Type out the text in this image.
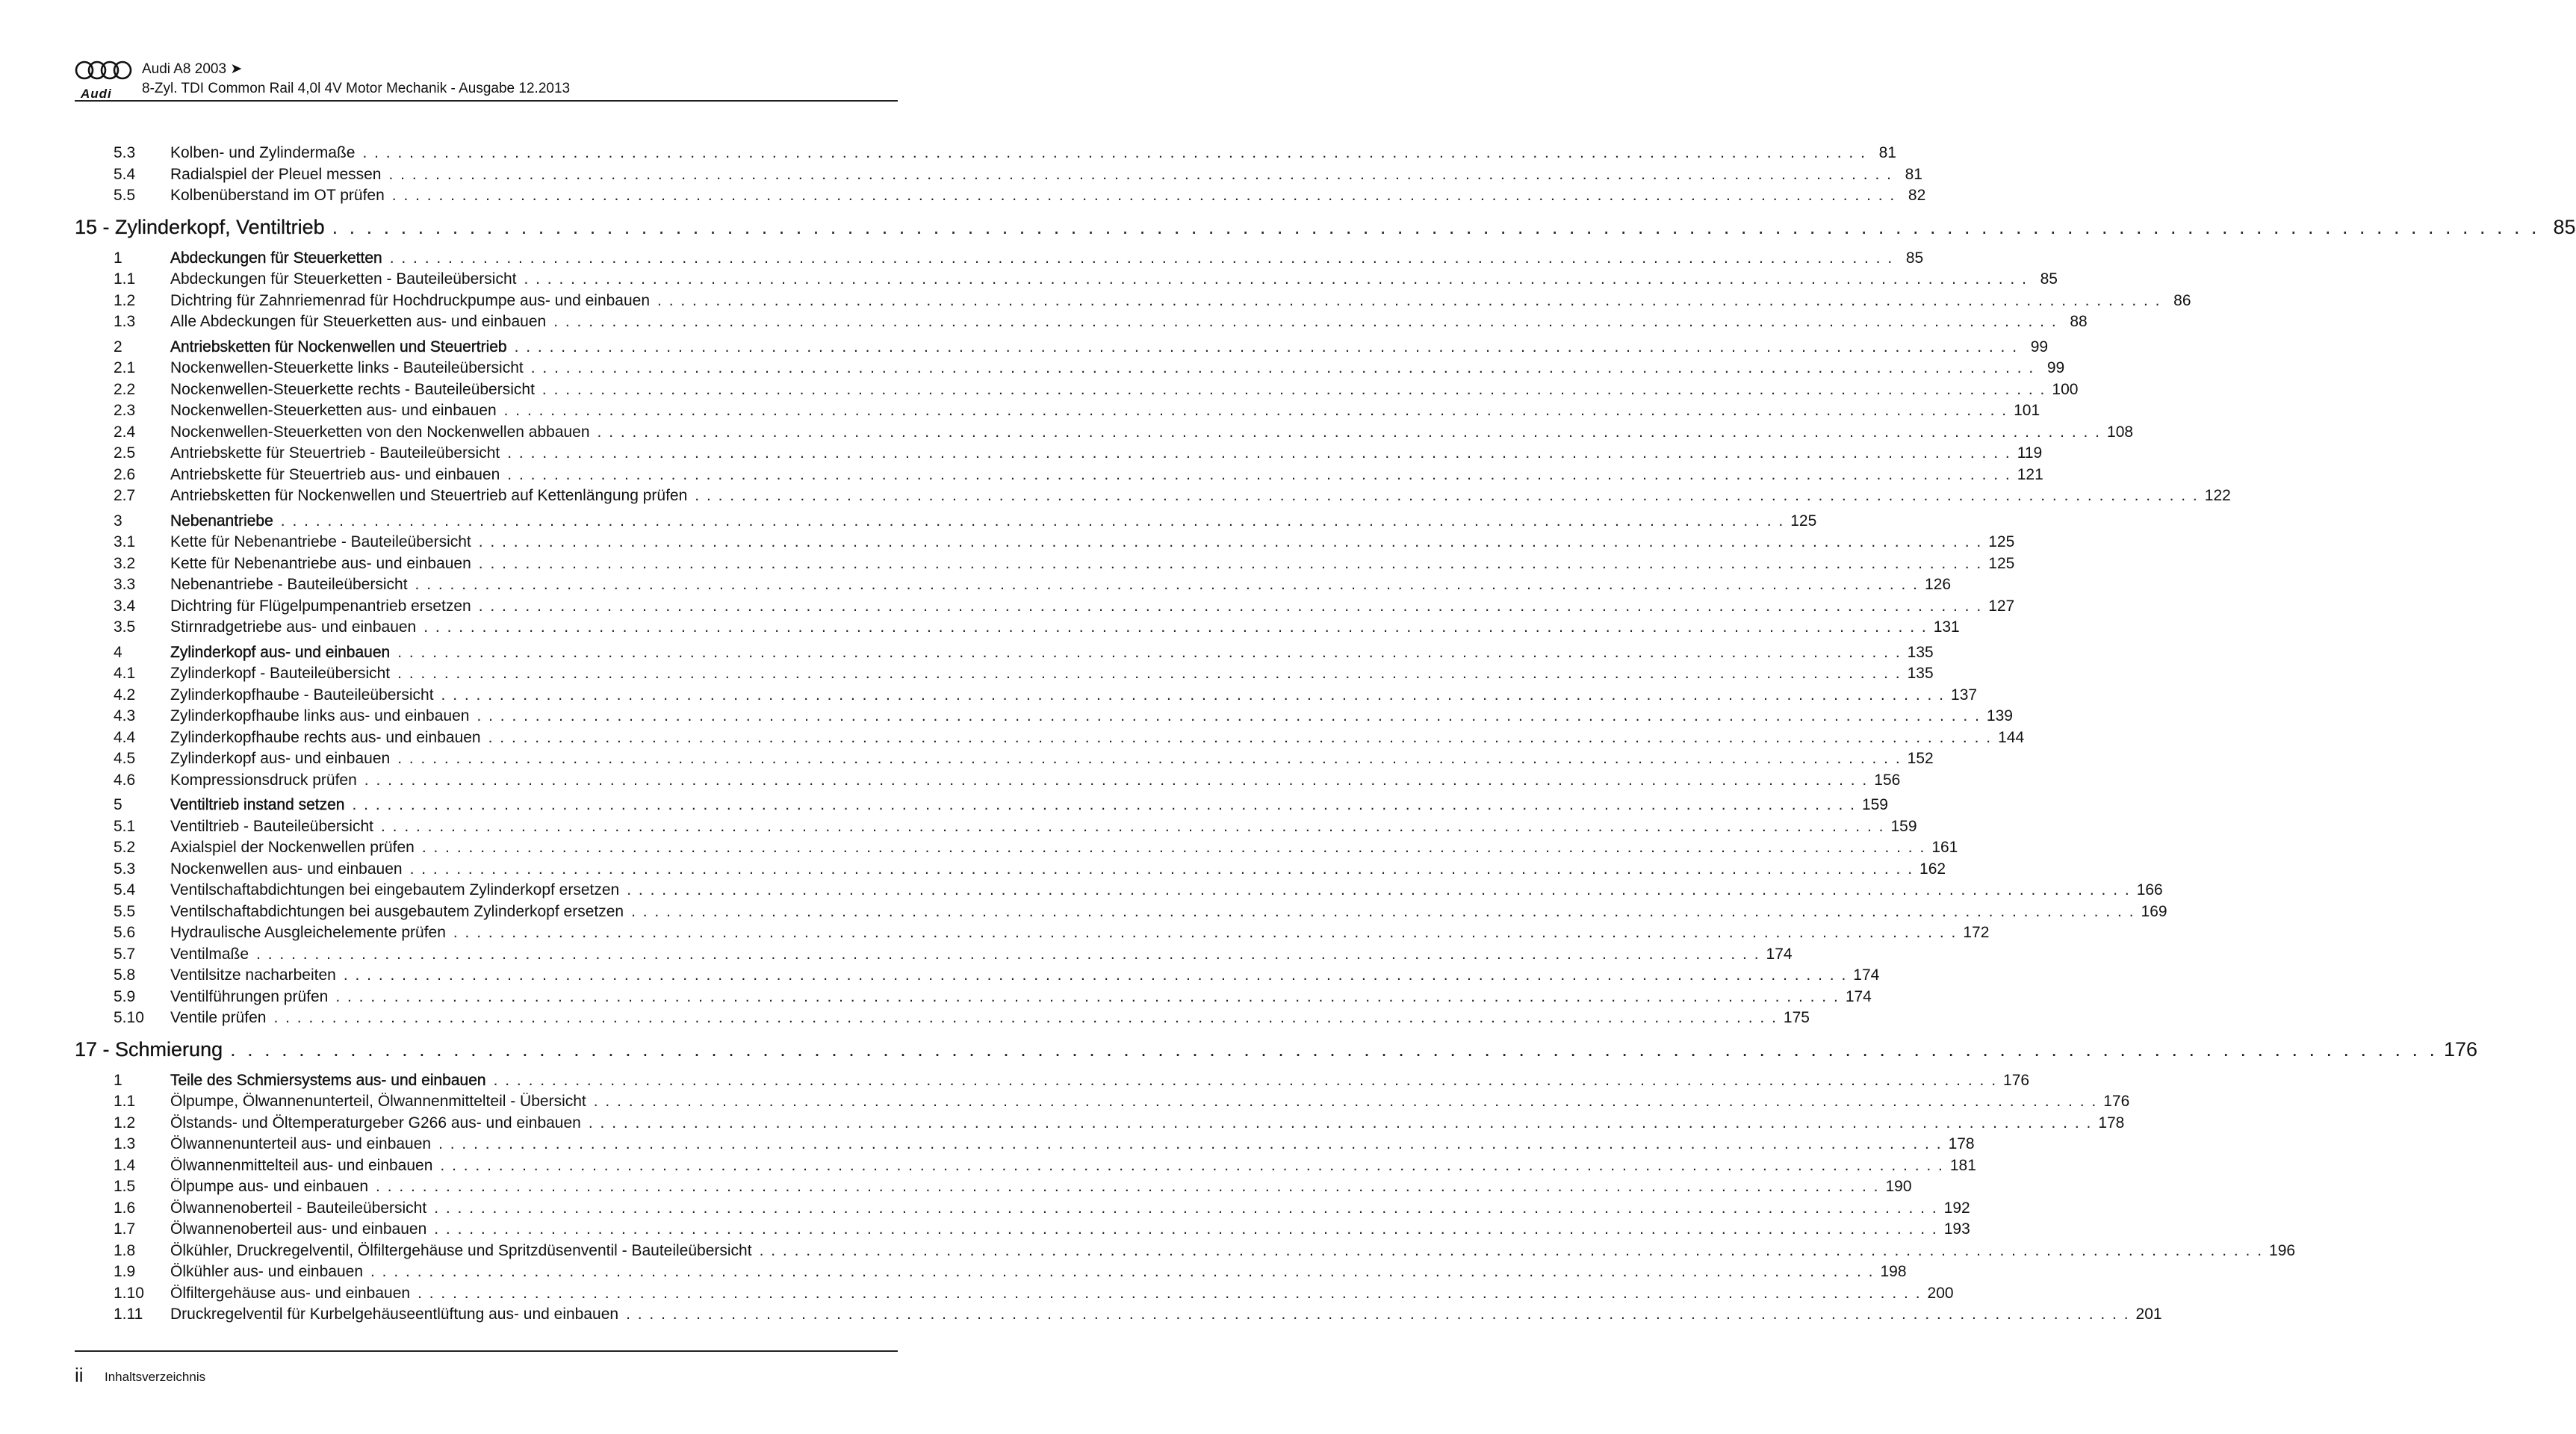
Audi
Audi A8 2003 ➤
8-Zyl. TDI Common Rail 4,0l 4V Motor Mechanik - Ausgabe 12.2013
5.3	Kolben- und Zylindermaße . . .	81
5.4	Radialspiel der Pleuel messen . . .	81
5.5	Kolbenüberstand im OT prüfen . . .	82
15 - Zylinderkopf, Ventiltrieb . . .	85
1	Abdeckungen für Steuerketten . . .	85
1.1	Abdeckungen für Steuerketten - Bauteileübersicht . . .	85
1.2	Dichtring für Zahnriemenrad für Hochdruckpumpe aus- und einbauen . . .	86
1.3	Alle Abdeckungen für Steuerketten aus- und einbauen . . .	88
2	Antriebsketten für Nockenwellen und Steuertrieb . . .	99
2.1	Nockenwellen-Steuerkette links - Bauteileübersicht . . .	99
2.2	Nockenwellen-Steuerkette rechts - Bauteileübersicht . . .	100
2.3	Nockenwellen-Steuerketten aus- und einbauen . . .	101
2.4	Nockenwellen-Steuerketten von den Nockenwellen abbauen . . .	108
2.5	Antriebskette für Steuertrieb - Bauteileübersicht . . .	119
2.6	Antriebskette für Steuertrieb aus- und einbauen . . .	121
2.7	Antriebsketten für Nockenwellen und Steuertrieb auf Kettenlängung prüfen . . .	122
3	Nebenantriebe . . .	125
3.1	Kette für Nebenantriebe - Bauteileübersicht . . .	125
3.2	Kette für Nebenantriebe aus- und einbauen . . .	125
3.3	Nebenantriebe - Bauteileübersicht . . .	126
3.4	Dichtring für Flügelpumpenantrieb ersetzen . . .	127
3.5	Stirnradgetriebe aus- und einbauen . . .	131
4	Zylinderkopf aus- und einbauen . . .	135
4.1	Zylinderkopf - Bauteileübersicht . . .	135
4.2	Zylinderkopfhaube - Bauteileübersicht . . .	137
4.3	Zylinderkopfhaube links aus- und einbauen . . .	139
4.4	Zylinderkopfhaube rechts aus- und einbauen . . .	144
4.5	Zylinderkopf aus- und einbauen . . .	152
4.6	Kompressionsdruck prüfen . . .	156
5	Ventiltrieb instand setzen . . .	159
5.1	Ventiltrieb - Bauteileübersicht . . .	159
5.2	Axialspiel der Nockenwellen prüfen . . .	161
5.3	Nockenwellen aus- und einbauen . . .	162
5.4	Ventilschaftabdichtungen bei eingebautem Zylinderkopf ersetzen . . .	166
5.5	Ventilschaftabdichtungen bei ausgebautem Zylinderkopf ersetzen . . .	169
5.6	Hydraulische Ausgleichelemente prüfen . . .	172
5.7	Ventilmaße . . .	174
5.8	Ventilsitze nacharbeiten . . .	174
5.9	Ventilführungen prüfen . . .	174
5.10	Ventile prüfen . . .	175
17 - Schmierung . . .	176
1	Teile des Schmiersystems aus- und einbauen . . .	176
1.1	Ölpumpe, Ölwannenunterteil, Ölwannenmittelteil - Übersicht . . .	176
1.2	Ölstands- und Öltemperaturgeber G266 aus- und einbauen . . .	178
1.3	Ölwannenunterteil aus- und einbauen . . .	178
1.4	Ölwannenmittelteil aus- und einbauen . . .	181
1.5	Ölpumpe aus- und einbauen . . .	190
1.6	Ölwannenoberteil - Bauteileübersicht . . .	192
1.7	Ölwannenoberteil aus- und einbauen . . .	193
1.8	Ölkühler, Druckregelventil, Ölfiltergehäuse und Spritzdüsenventil - Bauteileübersicht . . .	196
1.9	Ölkühler aus- und einbauen . . .	198
1.10	Ölfiltergehäuse aus- und einbauen . . .	200
1.11	Druckregelventil für Kurbelgehäuseentlüftung aus- und einbauen . . .	201
ii Inhaltsverzeichnis
